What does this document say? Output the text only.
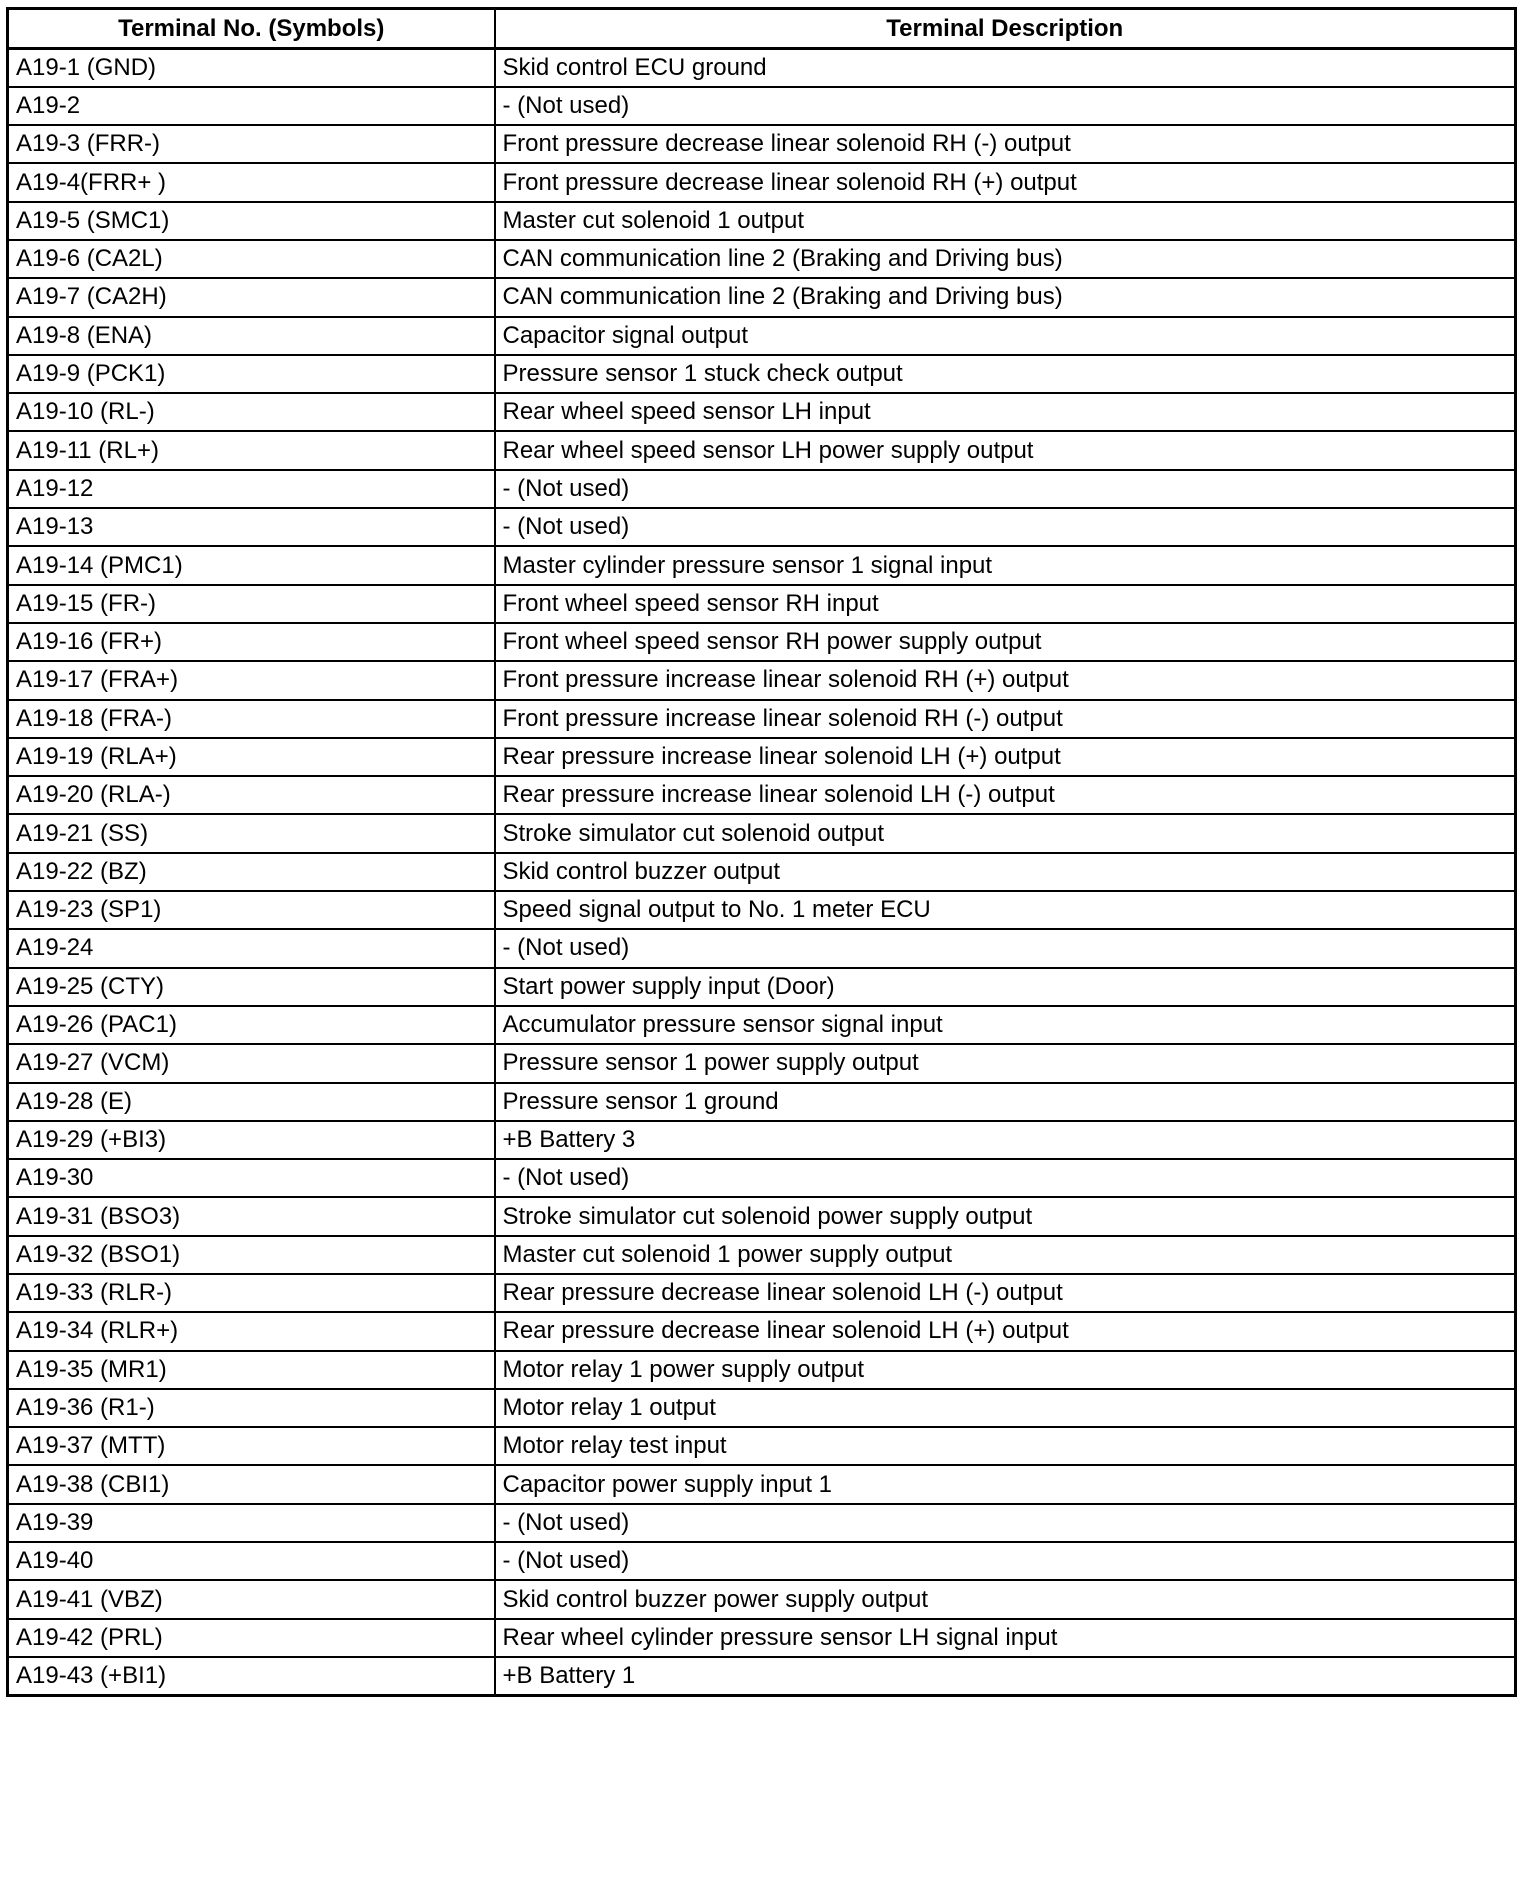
Terminal No. (Symbols)	Terminal Description
A19-1 (GND)	Skid control ECU ground
A19-2	- (Not used)
A19-3 (FRR-)	Front pressure decrease linear solenoid RH (-) output
A19-4(FRR+ )	Front pressure decrease linear solenoid RH (+) output
A19-5 (SMC1)	Master cut solenoid 1 output
A19-6 (CA2L)	CAN communication line 2 (Braking and Driving bus)
A19-7 (CA2H)	CAN communication line 2 (Braking and Driving bus)
A19-8 (ENA)	Capacitor signal output
A19-9 (PCK1)	Pressure sensor 1 stuck check output
A19-10 (RL-)	Rear wheel speed sensor LH input
A19-11 (RL+)	Rear wheel speed sensor LH power supply output
A19-12	- (Not used)
A19-13	- (Not used)
A19-14 (PMC1)	Master cylinder pressure sensor 1 signal input
A19-15 (FR-)	Front wheel speed sensor RH input
A19-16 (FR+)	Front wheel speed sensor RH power supply output
A19-17 (FRA+)	Front pressure increase linear solenoid RH (+) output
A19-18 (FRA-)	Front pressure increase linear solenoid RH (-) output
A19-19 (RLA+)	Rear pressure increase linear solenoid LH (+) output
A19-20 (RLA-)	Rear pressure increase linear solenoid LH (-) output
A19-21 (SS)	Stroke simulator cut solenoid output
A19-22 (BZ)	Skid control buzzer output
A19-23 (SP1)	Speed signal output to No. 1 meter ECU
A19-24	- (Not used)
A19-25 (CTY)	Start power supply input (Door)
A19-26 (PAC1)	Accumulator pressure sensor signal input
A19-27 (VCM)	Pressure sensor 1 power supply output
A19-28 (E)	Pressure sensor 1 ground
A19-29 (+BI3)	+B Battery 3
A19-30	- (Not used)
A19-31 (BSO3)	Stroke simulator cut solenoid power supply output
A19-32 (BSO1)	Master cut solenoid 1 power supply output
A19-33 (RLR-)	Rear pressure decrease linear solenoid LH (-) output
A19-34 (RLR+)	Rear pressure decrease linear solenoid LH (+) output
A19-35 (MR1)	Motor relay 1 power supply output
A19-36 (R1-)	Motor relay 1 output
A19-37 (MTT)	Motor relay test input
A19-38 (CBI1)	Capacitor power supply input 1
A19-39	- (Not used)
A19-40	- (Not used)
A19-41 (VBZ)	Skid control buzzer power supply output
A19-42 (PRL)	Rear wheel cylinder pressure sensor LH signal input
A19-43 (+BI1)	+B Battery 1
